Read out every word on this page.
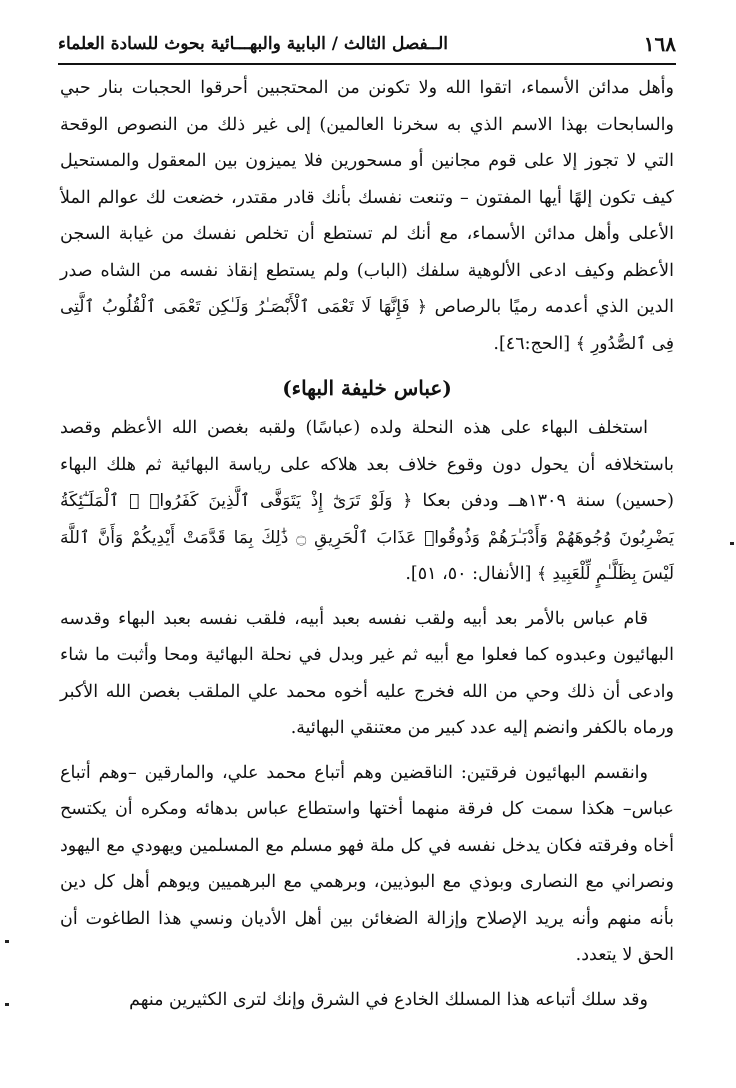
١٦٨
الــفصل الثالث / البابية والبهـــائية بحوث للسادة العلماء

وأهل مدائن الأسماء، اتقوا الله ولا تكونن من المحتجبين أحرقوا الحجبات بنار حبي والسابحات بهذا الاسم الذي به سخرنا العالمين) إلى غير ذلك من النصوص الوقحة التي لا تجوز إلا على قوم مجانين أو مسحورين فلا يميزون بين المعقول والمستحيل كيف تكون إلهًا أيها المفتون – وتنعت نفسك بأنك قادر مقتدر، خضعت لك عوالم الملأ الأعلى وأهل مدائن الأسماء، مع أنك لم تستطع أن تخلص نفسك من غيابة السجن الأعظم وكيف ادعى الألوهية سلفك (الباب) ولم يستطع إنقاذ نفسه من الشاه صدر الدين الذي أعدمه رميًا بالرصاص ﴿ فَإِنَّهَا لَا تَعْمَى ٱلْأَبْصَـٰرُ وَلَـٰكِن تَعْمَى ٱلْقُلُوبُ ٱلَّتِى فِى ٱلصُّدُورِ ﴾ [الحج:٤٦].

(عباس خليفة البهاء)

استخلف البهاء على هذه النحلة ولده (عباسًا) ولقبه بغصن الله الأعظم وقصد باستخلافه أن يحول دون وقوع خلاف بعد هلاكه على رياسة البهائية ثم هلك البهاء (حسين) سنة ١٣٠٩هــ ودفن بعكا ﴿ وَلَوْ تَرَىٰٓ إِذْ يَتَوَفَّى ٱلَّذِينَ كَفَرُوا۟ ۙ ٱلْمَلَـٰٓئِكَةُ يَضْرِبُونَ وُجُوهَهُمْ وَأَدْبَـٰرَهُمْ وَذُوقُوا۟ عَذَابَ ٱلْحَرِيقِ ۝ ذَٰلِكَ بِمَا قَدَّمَتْ أَيْدِيكُمْ وَأَنَّ ٱللَّهَ لَيْسَ بِظَلَّـٰمٍ لِّلْعَبِيدِ ﴾ [الأنفال: ٥٠، ٥١].

قام عباس بالأمر بعد أبيه ولقب نفسه بعبد أبيه، فلقب نفسه بعبد البهاء وقدسه البهائيون وعبدوه كما فعلوا مع أبيه ثم غير وبدل في نحلة البهائية ومحا وأثبت ما شاء وادعى أن ذلك وحي من الله فخرج عليه أخوه محمد علي الملقب بغصن الله الأكبر ورماه بالكفر وانضم إليه عدد كبير من معتنقي البهائية.

وانقسم البهائيون فرقتين: الناقضين وهم أتباع محمد علي، والمارقين –وهم أتباع عباس– هكذا سمت كل فرقة منهما أختها واستطاع عباس بدهائه ومكره أن يكتسح أخاه وفرقته فكان يدخل نفسه في كل ملة فهو مسلم مع المسلمين ويهودي مع اليهود ونصراني مع النصارى وبوذي مع البوذيين، وبرهمي مع البرهميين ويوهم أهل كل دين بأنه منهم وأنه يريد الإصلاح وإزالة الضغائن بين أهل الأديان ونسي هذا الطاغوت أن الحق لا يتعدد.

وقد سلك أتباعه هذا المسلك الخادع في الشرق وإنك لترى الكثيرين منهم
